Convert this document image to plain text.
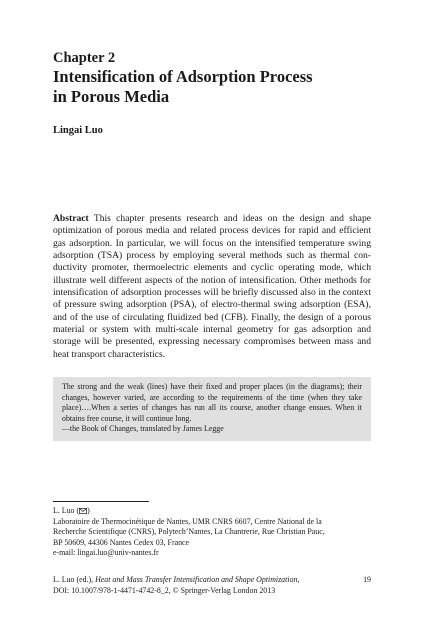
Chapter 2
Intensification of Adsorption Process
in Porous Media
Lingai Luo
Abstract This chapter presents research and ideas on the design and shape optimization of porous media and related process devices for rapid and efficient gas adsorption. In particular, we will focus on the intensified temperature swing adsorption (TSA) process by employing several methods such as thermal conductivity promoter, thermoelectric elements and cyclic operating mode, which illustrate well different aspects of the notion of intensification. Other methods for intensification of adsorption processes will be briefly discussed also in the context of pressure swing adsorption (PSA), of electro-thermal swing adsorption (ESA), and of the use of circulating fluidized bed (CFB). Finally, the design of a porous material or system with multi-scale internal geometry for gas adsorption and storage will be presented, expressing necessary compromises between mass and heat transport characteristics.

The strong and the weak (lines) have their fixed and proper places (in the diagrams); their changes, however varied, are according to the requirements of the time (when they take place)….When a series of changes has run all its course, another change ensues. When it obtains free course, it will continue long.

—the Book of Changes, translated by James Legge

L. Luo ( )
Laboratoire de Thermocinétique de Nantes, UMR CNRS 6607, Centre National de la
Recherche Scientifique (CNRS), Polytech’Nantes, La Chantrerie, Rue Christian Pauc,
BP 50609, 44306 Nantes Cedex 03, France
e-mail: lingai.luo@univ-nantes.fr
L. Luo (ed.), Heat and Mass Transfer Intensification and Shape Optimization,
DOI: 10.1007/978-1-4471-4742-8_2, © Springer-Verlag London 2013
19
